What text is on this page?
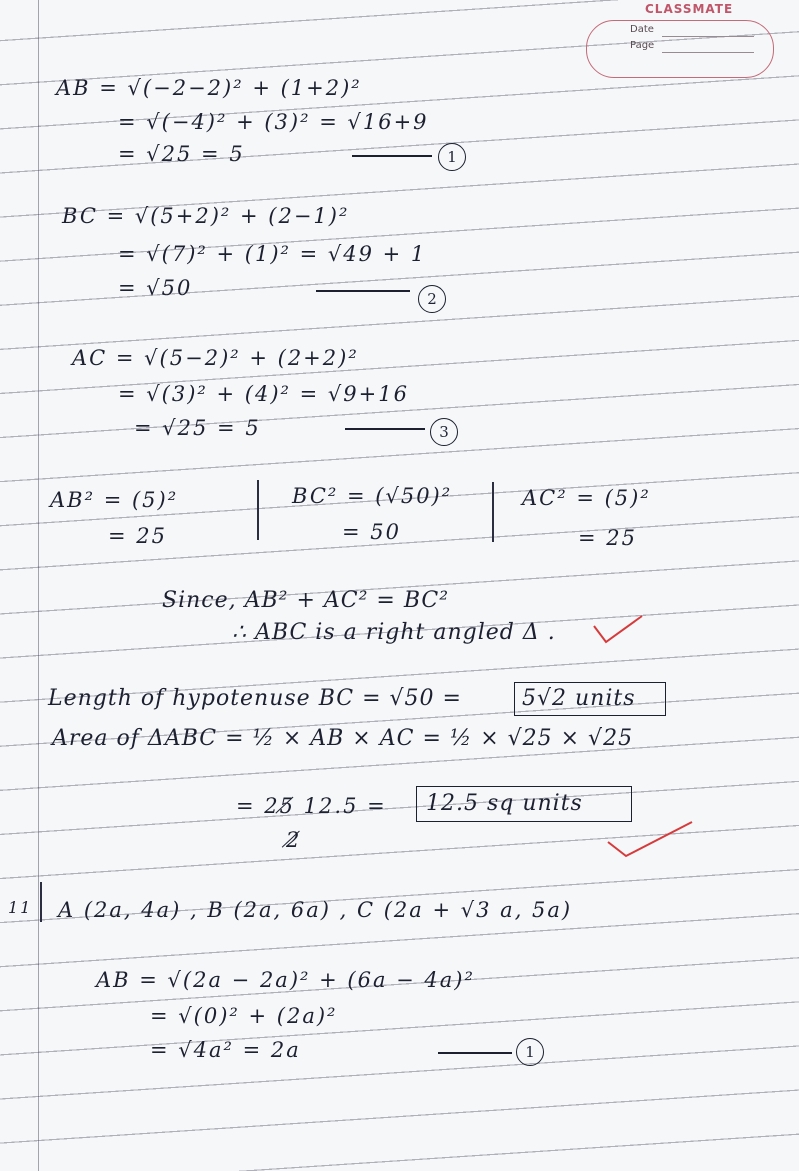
CLASSMATE
Date
Page
AB = √(−2−2)² + (1+2)²
= √(−4)² + (3)² = √16+9
= √25 = 5	1
BC = √(5+2)² + (2−1)²
= √(7)² + (1)² = √49 + 1
= √50	2
AC = √(5−2)² + (2+2)²
= √(3)² + (4)² = √9+16
= √25 = 5	3
AB² = (5)²
= 25
BC² = (√50)²
= 50
AC² = (5)²
= 25
Since, AB² + AC² = BC²
∴ ABC is a right angled Δ .
Length of hypotenuse BC = √50 =	5√2 units
Area of ΔABC = ½ × AB × AC = ½ × √25 × √25
= 25̸ 12.5 =
2̸
12.5 sq units
11 A (2a, 4a) , B (2a, 6a) , C (2a + √3 a, 5a)
AB = √(2a − 2a)² + (6a − 4a)²
= √(0)² + (2a)²
= √4a² = 2a	1
